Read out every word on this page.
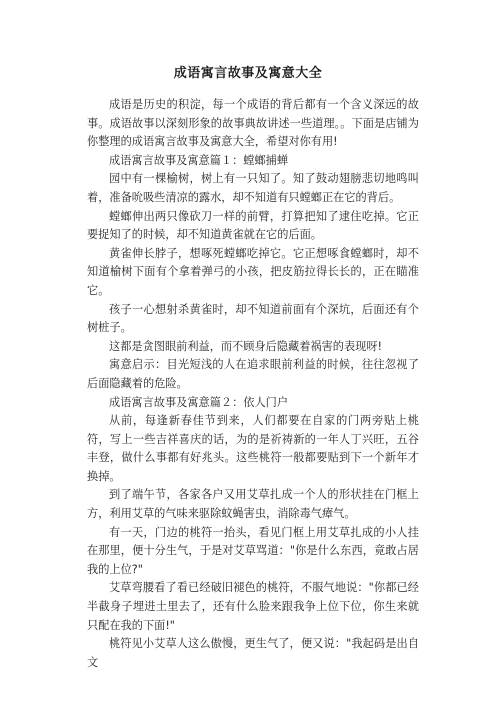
成语寓言故事及寓意大全

成语是历史的积淀，每一个成语的背后都有一个含义深远的故事。成语故事以深刻形象的故事典故讲述一些道理。。下面是店铺为你整理的成语寓言故事及寓意大全，希望对你有用!

成语寓言故事及寓意篇１：螳螂捕蝉

园中有一棵榆树，树上有一只知了。知了鼓动翅膀悲切地鸣叫着，准备吮吸些清凉的露水，却不知道有只螳螂正在它的背后。

螳螂伸出两只像砍刀一样的前臂，打算把知了逮住吃掉。它正要捉知了的时候，却不知道黄雀就在它的后面。

黄雀伸长脖子，想啄死螳螂吃掉它。它正想啄食螳螂时，却不知道榆树下面有个拿着弹弓的小孩，把皮筋拉得长长的，正在瞄准它。

孩子一心想射杀黄雀时，却不知道前面有个深坑，后面还有个树桩子。

这都是贪图眼前利益，而不顾身后隐藏着祸害的表现呀!

寓意启示：目光短浅的人在追求眼前利益的时候，往往忽视了后面隐藏着的危险。

成语寓言故事及寓意篇２：依人门户

从前，每逢新春佳节到来，人们都要在自家的门两旁贴上桃符，写上一些吉祥喜庆的话，为的是祈祷新的一年人丁兴旺，五谷丰登，做什么事都有好兆头。这些桃符一般都要贴到下一个新年才换掉。

到了端午节，各家各户又用艾草扎成一个人的形状挂在门框上方，利用艾草的气味来驱除蚊蝇害虫，消除毒气瘴气。

有一天，门边的桃符一抬头，看见门框上用艾草扎成的小人挂在那里，便十分生气，于是对艾草骂道："你是什么东西，竟敢占居我的上位?"

艾草弯腰看了看已经破旧褪色的桃符，不服气地说："你都已经半截身子埋进土里去了，还有什么脸来跟我争上位下位，你生来就只配在我的下面!"

桃符见小艾草人这么傲慢，更生气了，便又说："我起码是出自文
